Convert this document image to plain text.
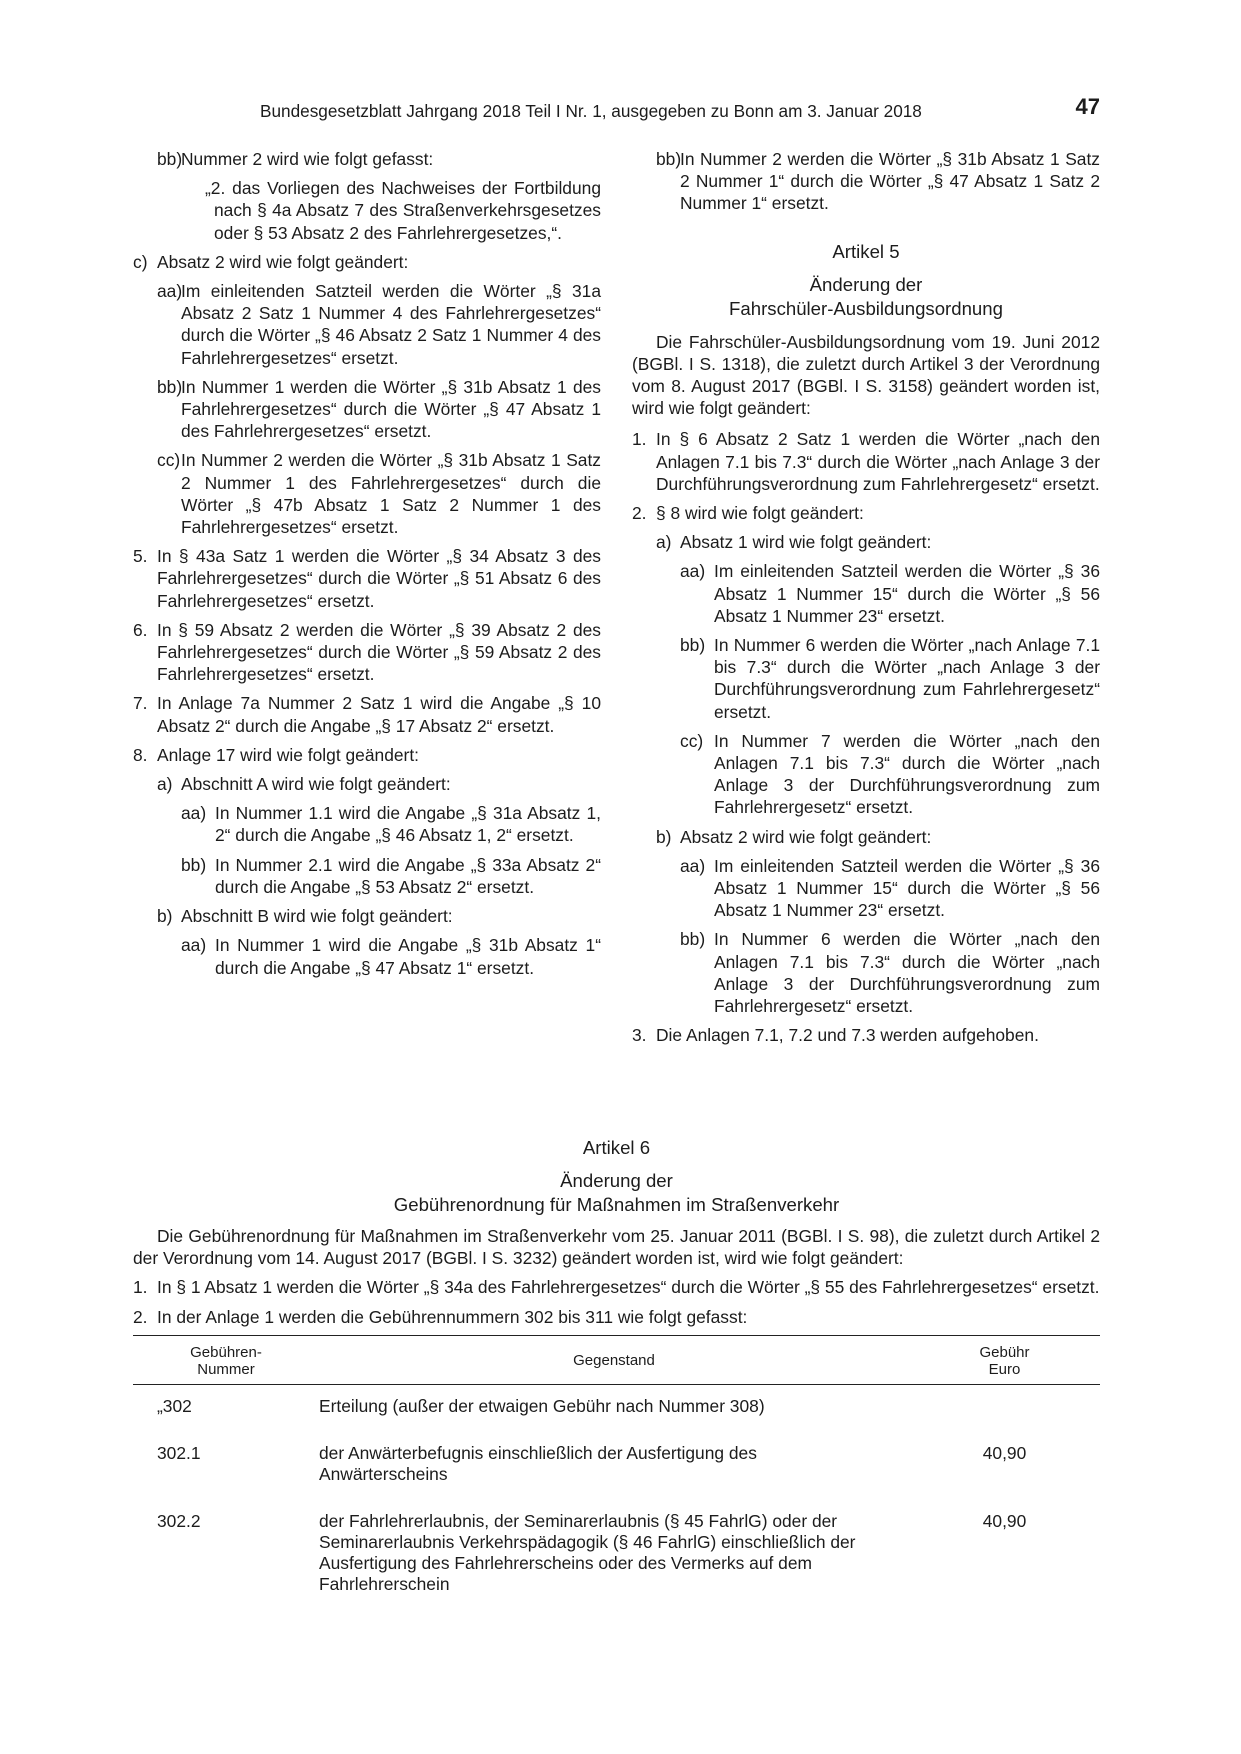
Bundesgesetzblatt Jahrgang 2018 Teil I Nr. 1, ausgegeben zu Bonn am 3. Januar 2018	47
bb)
Nummer 2 wird wie folgt gefasst:

„2. das Vorliegen des Nachweises der Fortbildung nach § 4a Absatz 7 des Straßenverkehrsgesetzes oder § 53 Absatz 2 des Fahrlehrergesetzes,“.

c) Absatz 2 wird wie folgt geändert:
aa)
Im einleitenden Satzteil werden die Wörter „§ 31a Absatz 2 Satz 1 Nummer 4 des Fahrlehrergesetzes“ durch die Wörter „§ 46 Absatz 2 Satz 1 Nummer 4 des Fahrlehrergesetzes“ ersetzt.
bb)
In Nummer 1 werden die Wörter „§ 31b Absatz 1 des Fahrlehrergesetzes“ durch die Wörter „§ 47 Absatz 1 des Fahrlehrergesetzes“ ersetzt.
cc) In Nummer 2 werden die Wörter „§ 31b Absatz 1 Satz 2 Nummer 1 des Fahrlehrergesetzes“ durch die Wörter „§ 47b Absatz 1 Satz 2 Nummer 1 des Fahrlehrergesetzes“ ersetzt.
5. In § 43a Satz 1 werden die Wörter „§ 34 Absatz 3 des Fahrlehrergesetzes“ durch die Wörter „§ 51 Absatz 6 des Fahrlehrergesetzes“ ersetzt.
6. In § 59 Absatz 2 werden die Wörter „§ 39 Absatz 2 des Fahrlehrergesetzes“ durch die Wörter „§ 59 Absatz 2 des Fahrlehrergesetzes“ ersetzt.
7. In Anlage 7a Nummer 2 Satz 1 wird die Angabe „§ 10 Absatz 2“ durch die Angabe „§ 17 Absatz 2“ ersetzt.
8. Anlage 17 wird wie folgt geändert:
a) Abschnitt A wird wie folgt geändert:
aa) In Nummer 1.1 wird die Angabe „§ 31a Absatz 1, 2“ durch die Angabe „§ 46 Absatz 1, 2“ ersetzt.
bb) In Nummer 2.1 wird die Angabe „§ 33a Absatz 2“ durch die Angabe „§ 53 Absatz 2“ ersetzt.
b) Abschnitt B wird wie folgt geändert:
aa) In Nummer 1 wird die Angabe „§ 31b Absatz 1“ durch die Angabe „§ 47 Absatz 1“ ersetzt.
bb)
In Nummer 2 werden die Wörter „§ 31b Absatz 1 Satz 2 Nummer 1“ durch die Wörter „§ 47 Absatz 1 Satz 2 Nummer 1“ ersetzt.
Artikel 5
Änderung der
Fahrschüler-Ausbildungsordnung

Die Fahrschüler-Ausbildungsordnung vom 19. Juni 2012 (BGBl. I S. 1318), die zuletzt durch Artikel 3 der Verordnung vom 8. August 2017 (BGBl. I S. 3158) geändert worden ist, wird wie folgt geändert:

1. In § 6 Absatz 2 Satz 1 werden die Wörter „nach den Anlagen 7.1 bis 7.3“ durch die Wörter „nach Anlage 3 der Durchführungsverordnung zum Fahrlehrergesetz“ ersetzt.
2. § 8 wird wie folgt geändert:
a) Absatz 1 wird wie folgt geändert:
aa) Im einleitenden Satzteil werden die Wörter „§ 36 Absatz 1 Nummer 15“ durch die Wörter „§ 56 Absatz 1 Nummer 23“ ersetzt.
bb) In Nummer 6 werden die Wörter „nach Anlage 7.1 bis 7.3“ durch die Wörter „nach Anlage 3 der Durchführungsverordnung zum Fahrlehrergesetz“ ersetzt.
cc) In Nummer 7 werden die Wörter „nach den Anlagen 7.1 bis 7.3“ durch die Wörter „nach Anlage 3 der Durchführungsverordnung zum Fahrlehrergesetz“ ersetzt.
b) Absatz 2 wird wie folgt geändert:
aa) Im einleitenden Satzteil werden die Wörter „§ 36 Absatz 1 Nummer 15“ durch die Wörter „§ 56 Absatz 1 Nummer 23“ ersetzt.
bb) In Nummer 6 werden die Wörter „nach den Anlagen 7.1 bis 7.3“ durch die Wörter „nach Anlage 3 der Durchführungsverordnung zum Fahrlehrergesetz“ ersetzt.
3. Die Anlagen 7.1, 7.2 und 7.3 werden aufgehoben.
Artikel 6
Änderung der
Gebührenordnung für Maßnahmen im Straßenverkehr

Die Gebührenordnung für Maßnahmen im Straßenverkehr vom 25. Januar 2011 (BGBl. I S. 98), die zuletzt durch Artikel 2 der Verordnung vom 14. August 2017 (BGBl. I S. 3232) geändert worden ist, wird wie folgt geändert:

1. In § 1 Absatz 1 werden die Wörter „§ 34a des Fahrlehrergesetzes“ durch die Wörter „§ 55 des Fahrlehrergesetzes“ ersetzt.
2. In der Anlage 1 werden die Gebührennummern 302 bis 311 wie folgt gefasst:
Gebühren-
Nummer	Gegenstand	Gebühr
Euro
„302	Erteilung (außer der etwaigen Gebühr nach Nummer 308)	
302.1	der Anwärterbefugnis einschließlich der Ausfertigung des Anwärterscheins	40,90
302.2	der Fahrlehrerlaubnis, der Seminarerlaubnis (§ 45 FahrlG) oder der Seminarerlaubnis Verkehrspädagogik (§ 46 FahrlG) einschließlich der Ausfertigung des Fahrlehrerscheins oder des Vermerks auf dem Fahrlehrerschein	40,90
